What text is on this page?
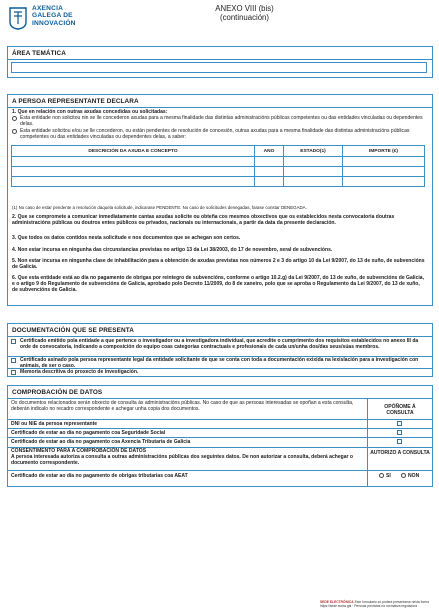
AXENCIA
GALEGA DE
INNOVACIÓN
ANEXO VIII (bis)
(continuación)
ÁREA TEMÁTICA
A PERSOA REPRESENTANTE DECLARA
1. Que en relación con outras axudas concedidas ou solicitadas:
Esta entidade non solicitou nin se lle concederon axudas para a mesma finalidade das distintas administracións públicas competentes ou das entidades vinculadas ou dependentes delas.
Esta entidade solicitou e/ou se lle concederon, ou están pendentes de resolución de concesión, outras axudas para a mesma finalidade das distintas administracións públicas competentes ou das entidades vinculadas ou dependentes delas, a saber:
DESCRICIÓN DA AXUDA E CONCEPTO	ANO	ESTADO(1)	IMPORTE (€)

(1) No caso de estar pendente a resolución daquela solicitude, indicarase PENDENTE. No caso de solicitudes denegadas, farase constar DENEGADA.
2. Que se compromete a comunicar inmediatamente cantas axudas solicite ou obteña cos mesmos obxectivos que os establecidos nesta convocatoria doutras administracións públicas ou doutros entes públicos ou privados, nacionais ou internacionais, a partir da data da presente declaración.
3. Que todos os datos contidos nesta solicitude e nos documentos que se achegan son certos.
4. Non estar incursa en ningunha das circunstancias previstas no artigo 13 da Lei 38/2003, do 17 de novembro, xeral de subvencións.
5. Non estar incursa en ningunha clase de inhabilitación para a obtención de axudas previstas nos números 2 e 3 do artigo 10 da Lei 9/2007, do 13 de xuño, de subvencións de Galicia.
6. Que esta entidade está ao día no pagamento de obrigas por reintegro de subvencións, conforme o artigo 10.2.g) da Lei 9/2007, do 13 de xuño, de subvencións de Galicia, e o artigo 9 do Regulamento de subvencións de Galicia, aprobado polo Decreto 11/2009, do 8 de xaneiro, polo que se aproba o Regulamento da Lei 9/2007, do 13 de xuño, de subvencións de Galicia.
DOCUMENTACIÓN QUE SE PRESENTA
Certificado emitido pola entidade a que pertence o investigador ou a investigadora individual, que acredite o cumprimento dos requisitos establecidos no anexo III da orde de convocatoria, indicando a composición do equipo coas categorías contractuais e profesionais de cada un/unha dos/das seus/súas membros.
Certificado asinado pola persoa representante legal da entidade solicitante de que se conta con toda a documentación exixida na lexislación para a investigación con animais, de ser o caso.
Memoria descritiva do proxecto de investigación.
COMPROBACIÓN DE DATOS
Os documentos relacionados serán obxecto de consulta ás administracións públicas. No caso de que as persoas interesadas se opoñan a esta consulta, deberán indicalo no recadro correspondente e achegar unha copia dos documentos.	OPÓÑOME Á CONSULTA
DNI ou NIE da persoa representante
Certificado de estar ao día no pagamento coa Seguridade Social
Certificado de estar ao día no pagamento coa Axencia Tributaria de Galicia
CONSENTIMENTO PARA A COMPROBACIÓN DE DATOS
A persoa interesada autoriza a consulta a outras administracións públicas dos seguintes datos. De non autorizar a consulta, deberá achegar o documento correspondente.
AUTORIZO A CONSULTA
Certificado de estar ao día no pagamento de obrigas tributarias coa AEAT	SI	NON
SEDE ELECTRÓNICA Este formulario só poderá presentarse nesta forma
https://sede.xunta.gal · Persoas previstas na normativa reguladora
